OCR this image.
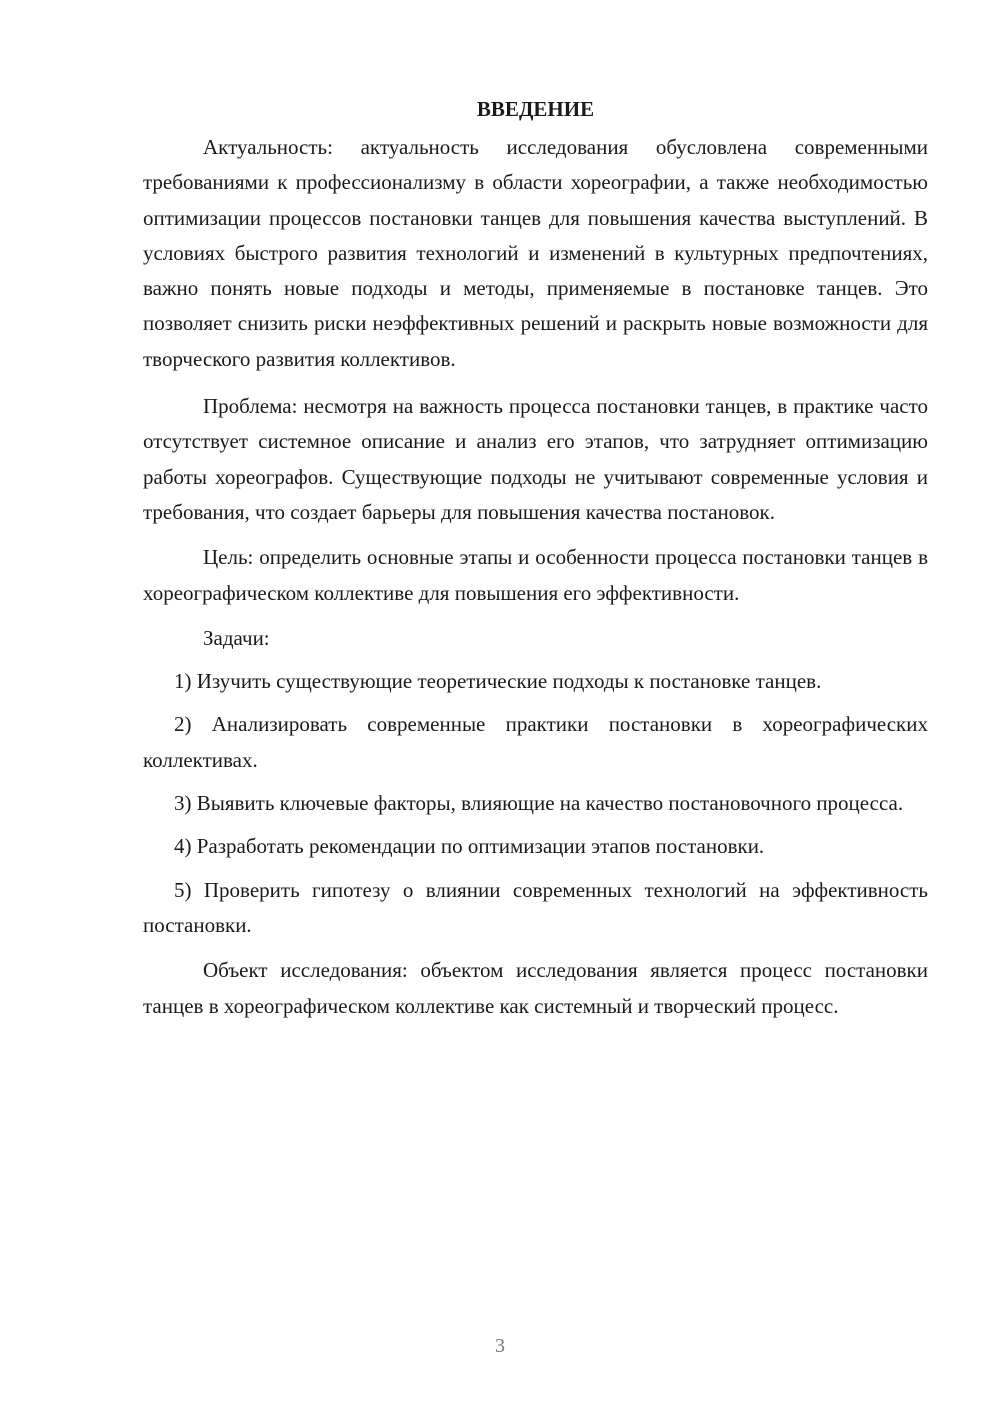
ВВЕДЕНИЕ

Актуальность: актуальность исследования обусловлена современными требованиями к профессионализму в области хореографии, а также необходимостью оптимизации процессов постановки танцев для повышения качества выступлений. В условиях быстрого развития технологий и изменений в культурных предпочтениях, важно понять новые подходы и методы, применяемые в постановке танцев. Это позволяет снизить риски неэффективных решений и раскрыть новые возможности для творческого развития коллективов.

Проблема: несмотря на важность процесса постановки танцев, в практике часто отсутствует системное описание и анализ его этапов, что затрудняет оптимизацию работы хореографов. Существующие подходы не учитывают современные условия и требования, что создает барьеры для повышения качества постановок.

Цель: определить основные этапы и особенности процесса постановки танцев в хореографическом коллективе для повышения его эффективности.

Задачи:

1) Изучить существующие теоретические подходы к постановке танцев.

2) Анализировать современные практики постановки в хореографических коллективах.

3) Выявить ключевые факторы, влияющие на качество постановочного процесса.

4) Разработать рекомендации по оптимизации этапов постановки.

5) Проверить гипотезу о влиянии современных технологий на эффективность постановки.

Объект исследования: объектом исследования является процесс постановки танцев в хореографическом коллективе как системный и творческий процесс.

3
